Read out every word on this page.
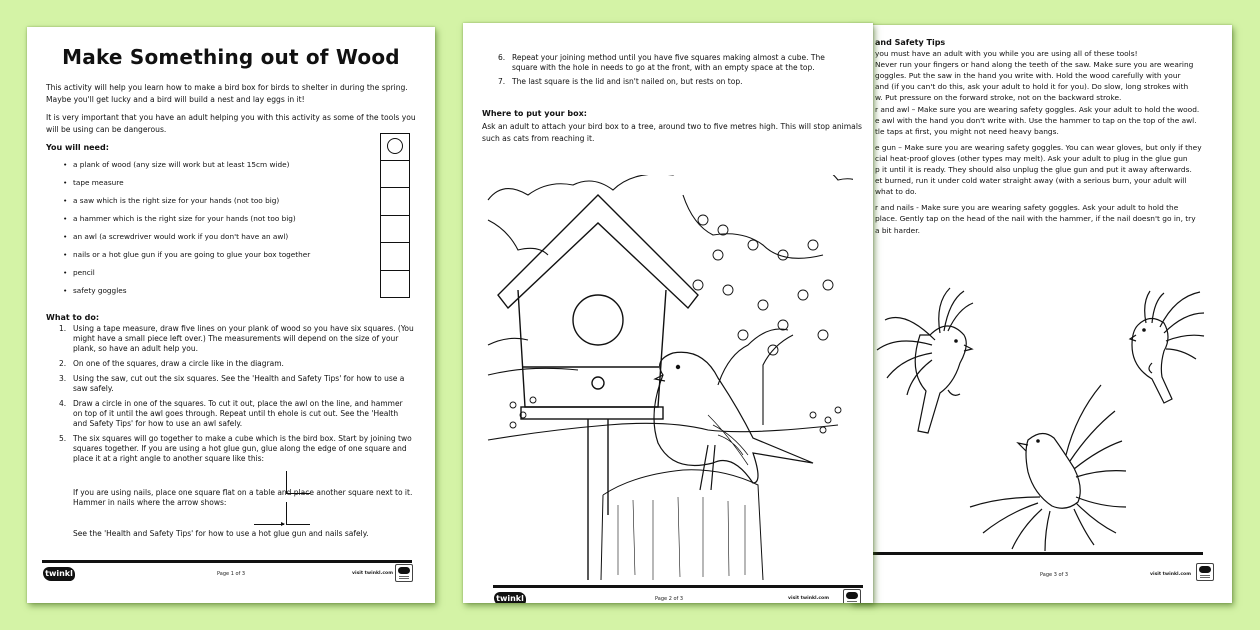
and Safety Tips
you must have an adult with you while you are using all of these tools!
Never run your fingers or hand along the teeth of the saw. Make sure you are wearing
goggles. Put the saw in the hand you write with. Hold the wood carefully with your
and (if you can't do this, ask your adult to hold it for you). Do slow, long strokes with
w. Put pressure on the forward stroke, not on the backward stroke.
r and awl – Make sure you are wearing safety goggles. Ask your adult to hold the wood.
e awl with the hand you don't write with. Use the hammer to tap on the top of the awl.
tle taps at first, you might not need heavy bangs.
e gun – Make sure you are wearing safety goggles. You can wear gloves, but only if they
cial heat-proof gloves (other types may melt). Ask your adult to plug in the glue gun
p it until it is ready. They should also unplug the glue gun and put it away afterwards.
et burned, run it under cold water straight away (with a serious burn, your adult will
what to do.
r and nails - Make sure you are wearing safety goggles. Ask your adult to hold the
place. Gently tap on the head of the nail with the hammer, if the nail doesn't go in, try
a bit harder.
Page 3 of 3	visit twinkl.com
6. Repeat your joining method until you have five squares making almost a cube. The square with the hole in needs to go at the front, with an empty space at the top.
7. The last square is the lid and isn't nailed on, but rests on top.
Where to put your box:
Ask an adult to attach your bird box to a tree, around two to five metres high. This will stop animals such as cats from reaching it.
twinkl	Page 2 of 3	visit twinkl.com
Make Something out of Wood
This activity will help you learn how to make a bird box for birds to shelter in during the spring. Maybe you'll get lucky and a bird will build a nest and lay eggs in it!
It is very important that you have an adult helping you with this activity as some of the tools you will be using can be dangerous.
You will need:
• a plank of wood (any size will work but at least 15cm wide)
• tape measure
• a saw which is the right size for your hands (not too big)
• a hammer which is the right size for your hands (not too big)
• an awl (a screwdriver would work if you don't have an awl)
• nails or a hot glue gun if you are going to glue your box together
• pencil
• safety goggles
What to do:
1. Using a tape measure, draw five lines on your plank of wood so you have six squares. (You might have a small piece left over.) The measurements will depend on the size of your plank, so have an adult help you.
2. On one of the squares, draw a circle like in the diagram.
3. Using the saw, cut out the six squares. See the 'Health and Safety Tips' for how to use a saw safely.
4. Draw a circle in one of the squares. To cut it out, place the awl on the line, and hammer on top of it until the awl goes through. Repeat until th ehole is cut out. See the 'Health and Safety Tips' for how to use an awl safely.
5. The six squares will go together to make a cube which is the bird box. Start by joining two squares together. If you are using a hot glue gun, glue along the edge of one square and place it at a right angle to another square like this:
If you are using nails, place one square flat on a table and place another square next to it. Hammer in nails where the arrow shows:
See the 'Health and Safety Tips' for how to use a hot glue gun and nails safely.
twinkl	Page 1 of 3	visit twinkl.com
